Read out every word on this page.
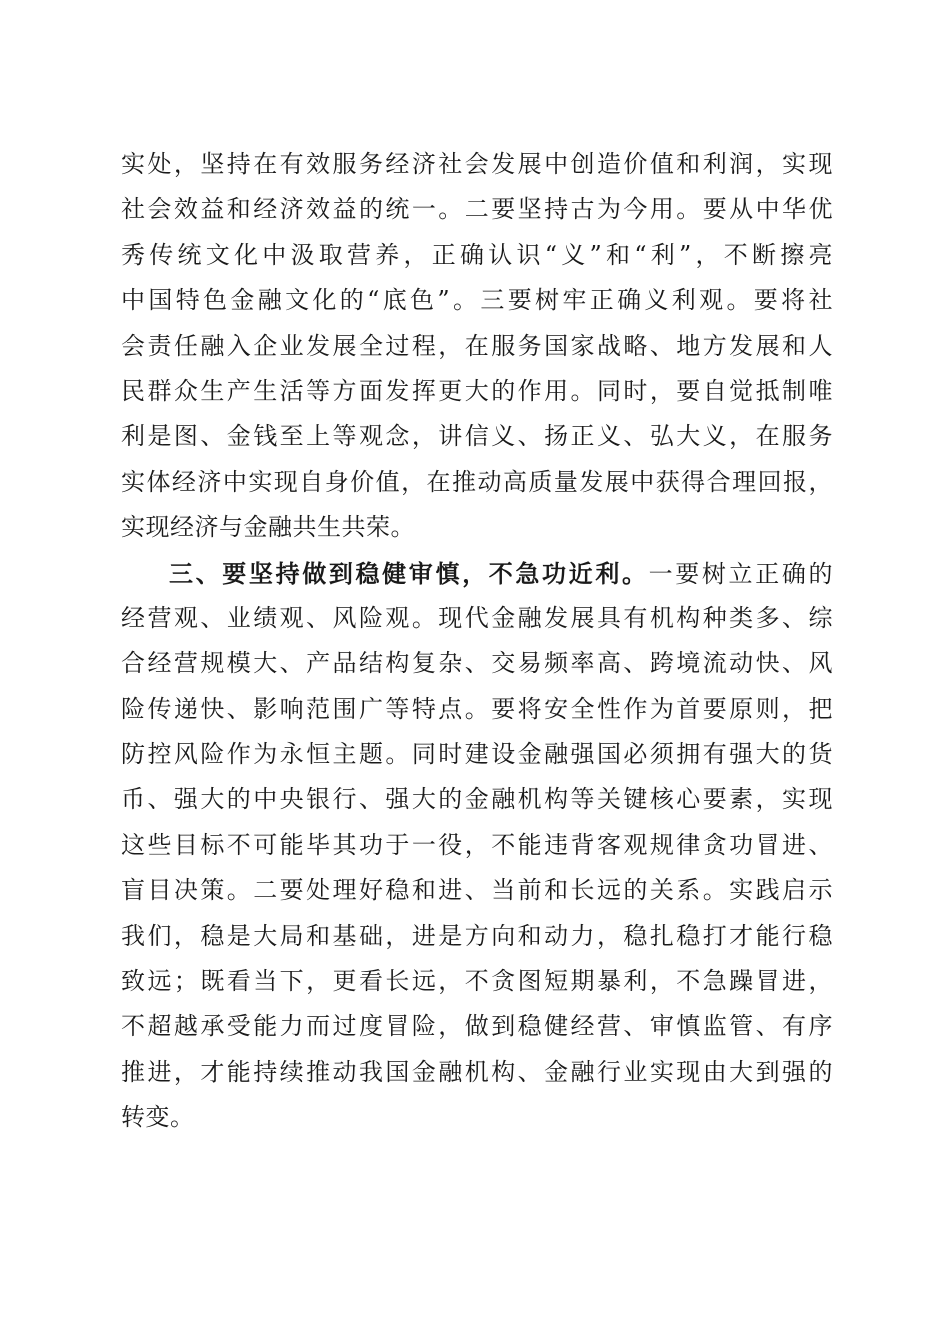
实处，坚持在有效服务经济社会发展中创造价值和利润，实现
社会效益和经济效益的统一。二要坚持古为今用。要从中华优
秀传统文化中汲取营养，正确认识“义”和“利”，不断擦亮
中国特色金融文化的“底色”。三要树牢正确义利观。要将社
会责任融入企业发展全过程，在服务国家战略、地方发展和人
民群众生产生活等方面发挥更大的作用。同时，要自觉抵制唯
利是图、金钱至上等观念，讲信义、扬正义、弘大义，在服务
实体经济中实现自身价值，在推动高质量发展中获得合理回报，
实现经济与金融共生共荣。
三、要坚持做到稳健审慎，不急功近利。一要树立正确的
经营观、业绩观、风险观。现代金融发展具有机构种类多、综
合经营规模大、产品结构复杂、交易频率高、跨境流动快、风
险传递快、影响范围广等特点。要将安全性作为首要原则，把
防控风险作为永恒主题。同时建设金融强国必须拥有强大的货
币、强大的中央银行、强大的金融机构等关键核心要素，实现
这些目标不可能毕其功于一役，不能违背客观规律贪功冒进、
盲目决策。二要处理好稳和进、当前和长远的关系。实践启示
我们，稳是大局和基础，进是方向和动力，稳扎稳打才能行稳
致远；既看当下，更看长远，不贪图短期暴利，不急躁冒进，
不超越承受能力而过度冒险，做到稳健经营、审慎监管、有序
推进，才能持续推动我国金融机构、金融行业实现由大到强的
转变。
